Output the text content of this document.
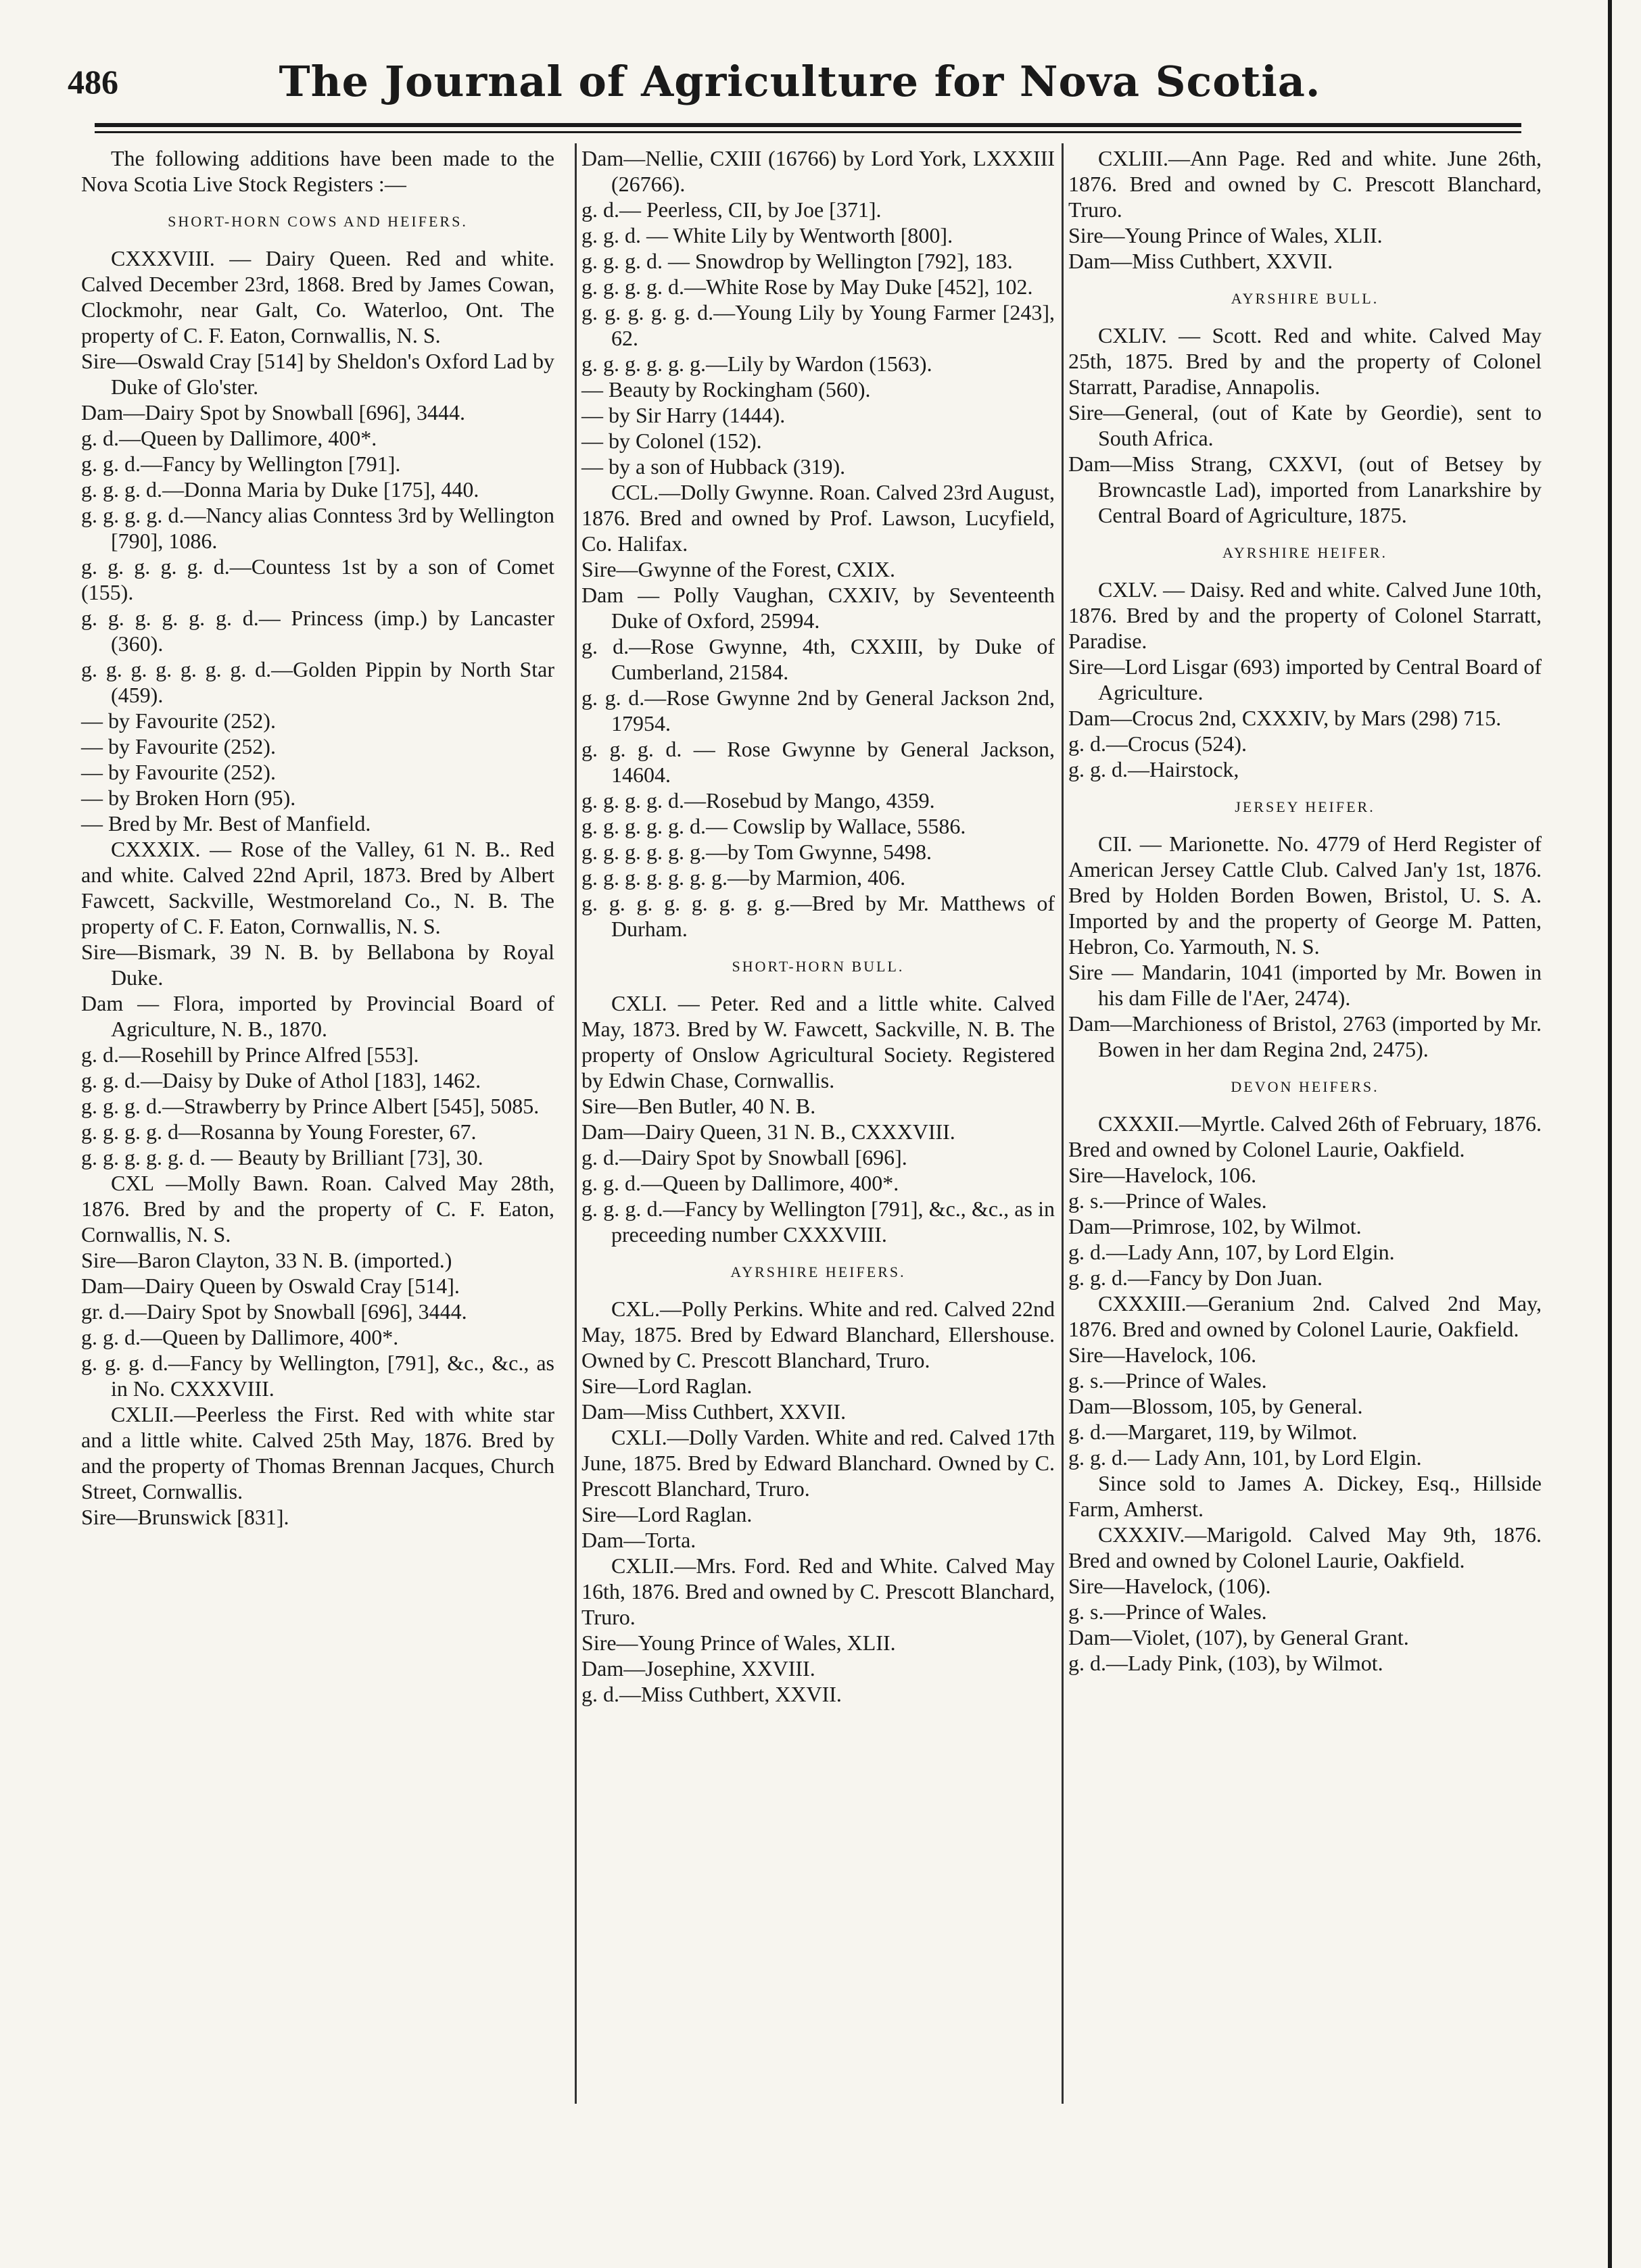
486	The Journal of Agriculture for Nova Scotia.

The following additions have been made to the Nova Scotia Live Stock Registers :—

SHORT-HORN COWS AND HEIFERS.

CXXXVIII. — Dairy Queen. Red and white. Calved December 23rd, 1868. Bred by James Cowan, Clockmohr, near Galt, Co. Waterloo, Ont. The property of C. F. Eaton, Cornwallis, N. S.

Sire—Oswald Cray [514] by Sheldon's Oxford Lad by Duke of Glo'ster.

Dam—Dairy Spot by Snowball [696], 3444.

g. d.—Queen by Dallimore, 400*.

g. g. d.—Fancy by Wellington [791].

g. g. g. d.—Donna Maria by Duke [175], 440.

g. g. g. g. d.—Nancy alias Conntess 3rd by Wellington [790], 1086.

g. g. g. g. g. d.—Countess 1st by a son of Comet (155).

g. g. g. g. g. g. d.— Princess (imp.) by Lancaster (360).

g. g. g. g. g. g. g. d.—Golden Pippin by North Star (459).

— by Favourite (252).

— by Favourite (252).

— by Favourite (252).

— by Broken Horn (95).

— Bred by Mr. Best of Manfield.

CXXXIX. — Rose of the Valley, 61 N. B.. Red and white. Calved 22nd April, 1873. Bred by Albert Fawcett, Sackville, Westmoreland Co., N. B. The property of C. F. Eaton, Cornwallis, N. S.

Sire—Bismark, 39 N. B. by Bellabona by Royal Duke.

Dam — Flora, imported by Provincial Board of Agriculture, N. B., 1870.

g. d.—Rosehill by Prince Alfred [553].

g. g. d.—Daisy by Duke of Athol [183], 1462.

g. g. g. d.—Strawberry by Prince Albert [545], 5085.

g. g. g. g. d—Rosanna by Young Forester, 67.

g. g. g. g. g. d. — Beauty by Brilliant [73], 30.

CXL —Molly Bawn. Roan. Calved May 28th, 1876. Bred by and the property of C. F. Eaton, Cornwallis, N. S.

Sire—Baron Clayton, 33 N. B. (imported.)

Dam—Dairy Queen by Oswald Cray [514].

gr. d.—Dairy Spot by Snowball [696], 3444.

g. g. d.—Queen by Dallimore, 400*.

g. g. g. d.—Fancy by Wellington, [791], &c., &c., as in No. CXXXVIII.

CXLII.—Peerless the First. Red with white star and a little white. Calved 25th May, 1876. Bred by and the property of Thomas Brennan Jacques, Church Street, Cornwallis.

Sire—Brunswick [831].

Dam—Nellie, CXIII (16766) by Lord York, LXXXIII (26766).

g. d.— Peerless, CII, by Joe [371].

g. g. d. — White Lily by Wentworth [800].

g. g. g. d. — Snowdrop by Wellington [792], 183.

g. g. g. g. d.—White Rose by May Duke [452], 102.

g. g. g. g. g. d.—Young Lily by Young Farmer [243], 62.

g. g. g. g. g. g.—Lily by Wardon (1563).

— Beauty by Rockingham (560).

— by Sir Harry (1444).

— by Colonel (152).

— by a son of Hubback (319).

CCL.—Dolly Gwynne. Roan. Calved 23rd August, 1876. Bred and owned by Prof. Lawson, Lucyfield, Co. Halifax.

Sire—Gwynne of the Forest, CXIX.

Dam — Polly Vaughan, CXXIV, by Seventeenth Duke of Oxford, 25994.

g. d.—Rose Gwynne, 4th, CXXIII, by Duke of Cumberland, 21584.

g. g. d.—Rose Gwynne 2nd by General Jackson 2nd, 17954.

g. g. g. d. — Rose Gwynne by General Jackson, 14604.

g. g. g. g. d.—Rosebud by Mango, 4359.

g. g. g. g. g. d.— Cowslip by Wallace, 5586.

g. g. g. g. g. g.—by Tom Gwynne, 5498.

g. g. g. g. g. g. g.—by Marmion, 406.

g. g. g. g. g. g. g. g.—Bred by Mr. Matthews of Durham.

SHORT-HORN BULL.

CXLI. — Peter. Red and a little white. Calved May, 1873. Bred by W. Fawcett, Sackville, N. B. The property of Onslow Agricultural Society. Registered by Edwin Chase, Cornwallis.

Sire—Ben Butler, 40 N. B.

Dam—Dairy Queen, 31 N. B., CXXXVIII.

g. d.—Dairy Spot by Snowball [696].

g. g. d.—Queen by Dallimore, 400*.

g. g. g. d.—Fancy by Wellington [791], &c., &c., as in preceeding number CXXXVIII.

AYRSHIRE HEIFERS.

CXL.—Polly Perkins. White and red. Calved 22nd May, 1875. Bred by Edward Blanchard, Ellershouse. Owned by C. Prescott Blanchard, Truro.

Sire—Lord Raglan.

Dam—Miss Cuthbert, XXVII.

CXLI.—Dolly Varden. White and red. Calved 17th June, 1875. Bred by Edward Blanchard. Owned by C. Prescott Blanchard, Truro.

Sire—Lord Raglan.

Dam—Torta.

CXLII.—Mrs. Ford. Red and White. Calved May 16th, 1876. Bred and owned by C. Prescott Blanchard, Truro.

Sire—Young Prince of Wales, XLII.

Dam—Josephine, XXVIII.

g. d.—Miss Cuthbert, XXVII.

CXLIII.—Ann Page. Red and white. June 26th, 1876. Bred and owned by C. Prescott Blanchard, Truro.

Sire—Young Prince of Wales, XLII.

Dam—Miss Cuthbert, XXVII.

AYRSHIRE BULL.

CXLIV. — Scott. Red and white. Calved May 25th, 1875. Bred by and the property of Colonel Starratt, Paradise, Annapolis.

Sire—General, (out of Kate by Geordie), sent to South Africa.

Dam—Miss Strang, CXXVI, (out of Betsey by Browncastle Lad), imported from Lanarkshire by Central Board of Agriculture, 1875.

AYRSHIRE HEIFER.

CXLV. — Daisy. Red and white. Calved June 10th, 1876. Bred by and the property of Colonel Starratt, Paradise.

Sire—Lord Lisgar (693) imported by Central Board of Agriculture.

Dam—Crocus 2nd, CXXXIV, by Mars (298) 715.

g. d.—Crocus (524).

g. g. d.—Hairstock,

JERSEY HEIFER.

CII. — Marionette. No. 4779 of Herd Register of American Jersey Cattle Club. Calved Jan'y 1st, 1876. Bred by Holden Borden Bowen, Bristol, U. S. A. Imported by and the property of George M. Patten, Hebron, Co. Yarmouth, N. S.

Sire — Mandarin, 1041 (imported by Mr. Bowen in his dam Fille de l'Aer, 2474).

Dam—Marchioness of Bristol, 2763 (imported by Mr. Bowen in her dam Regina 2nd, 2475).

DEVON HEIFERS.

CXXXII.—Myrtle. Calved 26th of February, 1876. Bred and owned by Colonel Laurie, Oakfield.

Sire—Havelock, 106.

g. s.—Prince of Wales.

Dam—Primrose, 102, by Wilmot.

g. d.—Lady Ann, 107, by Lord Elgin.

g. g. d.—Fancy by Don Juan.

CXXXIII.—Geranium 2nd. Calved 2nd May, 1876. Bred and owned by Colonel Laurie, Oakfield.

Sire—Havelock, 106.

g. s.—Prince of Wales.

Dam—Blossom, 105, by General.

g. d.—Margaret, 119, by Wilmot.

g. g. d.— Lady Ann, 101, by Lord Elgin.

Since sold to James A. Dickey, Esq., Hillside Farm, Amherst.

CXXXIV.—Marigold. Calved May 9th, 1876. Bred and owned by Colonel Laurie, Oakfield.

Sire—Havelock, (106).

g. s.—Prince of Wales.

Dam—Violet, (107), by General Grant.

g. d.—Lady Pink, (103), by Wilmot.
